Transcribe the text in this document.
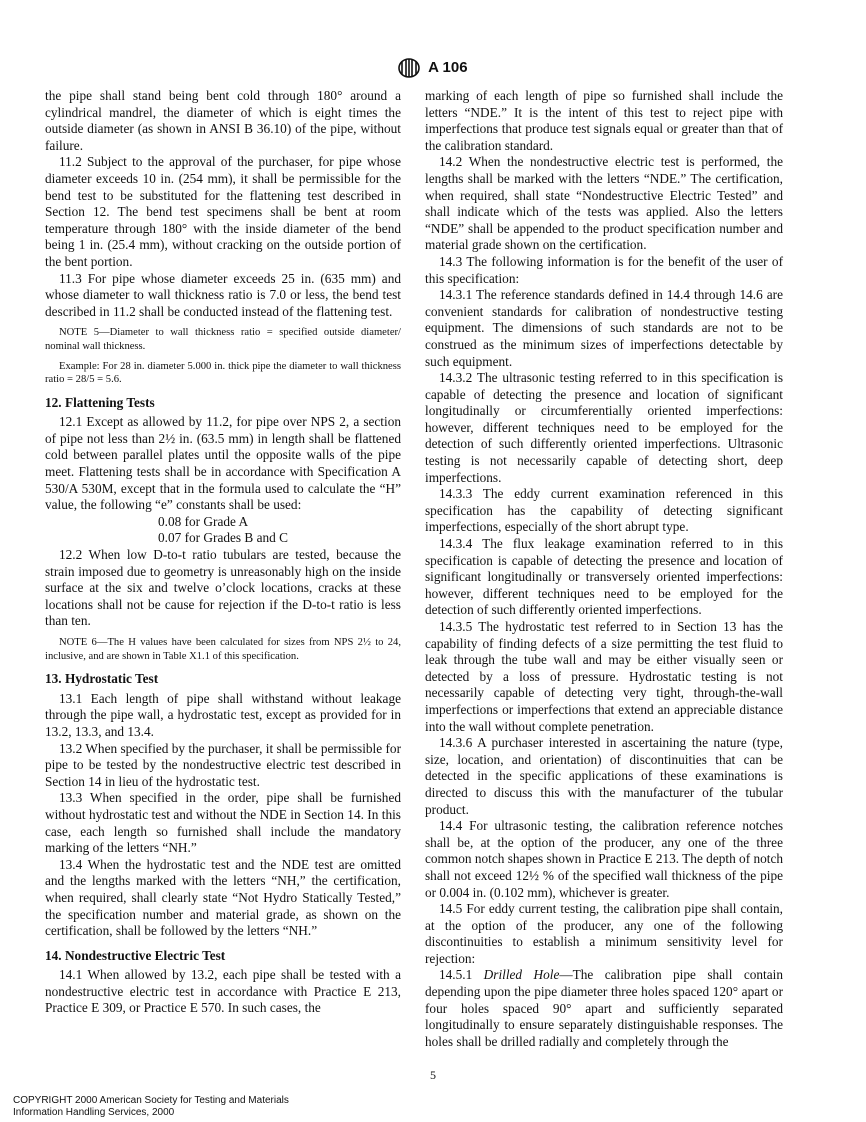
A 106

the pipe shall stand being bent cold through 180° around a cylindrical mandrel, the diameter of which is eight times the outside diameter (as shown in ANSI B 36.10) of the pipe, without failure.

11.2 Subject to the approval of the purchaser, for pipe whose diameter exceeds 10 in. (254 mm), it shall be permissible for the bend test to be substituted for the flattening test described in Section 12. The bend test specimens shall be bent at room temperature through 180° with the inside diameter of the bend being 1 in. (25.4 mm), without cracking on the outside portion of the bent portion.

11.3 For pipe whose diameter exceeds 25 in. (635 mm) and whose diameter to wall thickness ratio is 7.0 or less, the bend test described in 11.2 shall be conducted instead of the flattening test.

NOTE 5—Diameter to wall thickness ratio = specified outside diameter/ nominal wall thickness.

Example: For 28 in. diameter 5.000 in. thick pipe the diameter to wall thickness ratio = 28/5 = 5.6.

12. Flattening Tests

12.1 Except as allowed by 11.2, for pipe over NPS 2, a section of pipe not less than 2½ in. (63.5 mm) in length shall be flattened cold between parallel plates until the opposite walls of the pipe meet. Flattening tests shall be in accordance with Specification A 530/A 530M, except that in the formula used to calculate the “H” value, the following “e” constants shall be used:

0.08 for Grade A

0.07 for Grades B and C

12.2 When low D-to-t ratio tubulars are tested, because the strain imposed due to geometry is unreasonably high on the inside surface at the six and twelve o’clock locations, cracks at these locations shall not be cause for rejection if the D-to-t ratio is less than ten.

NOTE 6—The H values have been calculated for sizes from NPS 2½ to 24, inclusive, and are shown in Table X1.1 of this specification.

13. Hydrostatic Test

13.1 Each length of pipe shall withstand without leakage through the pipe wall, a hydrostatic test, except as provided for in 13.2, 13.3, and 13.4.

13.2 When specified by the purchaser, it shall be permissible for pipe to be tested by the nondestructive electric test described in Section 14 in lieu of the hydrostatic test.

13.3 When specified in the order, pipe shall be furnished without hydrostatic test and without the NDE in Section 14. In this case, each length so furnished shall include the mandatory marking of the letters “NH.”

13.4 When the hydrostatic test and the NDE test are omitted and the lengths marked with the letters “NH,” the certification, when required, shall clearly state “Not Hydro Statically Tested,” the specification number and material grade, as shown on the certification, shall be followed by the letters “NH.”

14. Nondestructive Electric Test

14.1 When allowed by 13.2, each pipe shall be tested with a nondestructive electric test in accordance with Practice E 213, Practice E 309, or Practice E 570. In such cases, the

marking of each length of pipe so furnished shall include the letters “NDE.” It is the intent of this test to reject pipe with imperfections that produce test signals equal or greater than that of the calibration standard.

14.2 When the nondestructive electric test is performed, the lengths shall be marked with the letters “NDE.” The certification, when required, shall state “Nondestructive Electric Tested” and shall indicate which of the tests was applied. Also the letters “NDE” shall be appended to the product specification number and material grade shown on the certification.

14.3 The following information is for the benefit of the user of this specification:

14.3.1 The reference standards defined in 14.4 through 14.6 are convenient standards for calibration of nondestructive testing equipment. The dimensions of such standards are not to be construed as the minimum sizes of imperfections detectable by such equipment.

14.3.2 The ultrasonic testing referred to in this specification is capable of detecting the presence and location of significant longitudinally or circumferentially oriented imperfections: however, different techniques need to be employed for the detection of such differently oriented imperfections. Ultrasonic testing is not necessarily capable of detecting short, deep imperfections.

14.3.3 The eddy current examination referenced in this specification has the capability of detecting significant imperfections, especially of the short abrupt type.

14.3.4 The flux leakage examination referred to in this specification is capable of detecting the presence and location of significant longitudinally or transversely oriented imperfections: however, different techniques need to be employed for the detection of such differently oriented imperfections.

14.3.5 The hydrostatic test referred to in Section 13 has the capability of finding defects of a size permitting the test fluid to leak through the tube wall and may be either visually seen or detected by a loss of pressure. Hydrostatic testing is not necessarily capable of detecting very tight, through-the-wall imperfections or imperfections that extend an appreciable distance into the wall without complete penetration.

14.3.6 A purchaser interested in ascertaining the nature (type, size, location, and orientation) of discontinuities that can be detected in the specific applications of these examinations is directed to discuss this with the manufacturer of the tubular product.

14.4 For ultrasonic testing, the calibration reference notches shall be, at the option of the producer, any one of the three common notch shapes shown in Practice E 213. The depth of notch shall not exceed 12½ % of the specified wall thickness of the pipe or 0.004 in. (0.102 mm), whichever is greater.

14.5 For eddy current testing, the calibration pipe shall contain, at the option of the producer, any one of the following discontinuities to establish a minimum sensitivity level for rejection:

14.5.1 Drilled Hole—The calibration pipe shall contain depending upon the pipe diameter three holes spaced 120° apart or four holes spaced 90° apart and sufficiently separated longitudinally to ensure separately distinguishable responses. The holes shall be drilled radially and completely through the

5
COPYRIGHT 2000 American Society for Testing and Materials
Information Handling Services, 2000
